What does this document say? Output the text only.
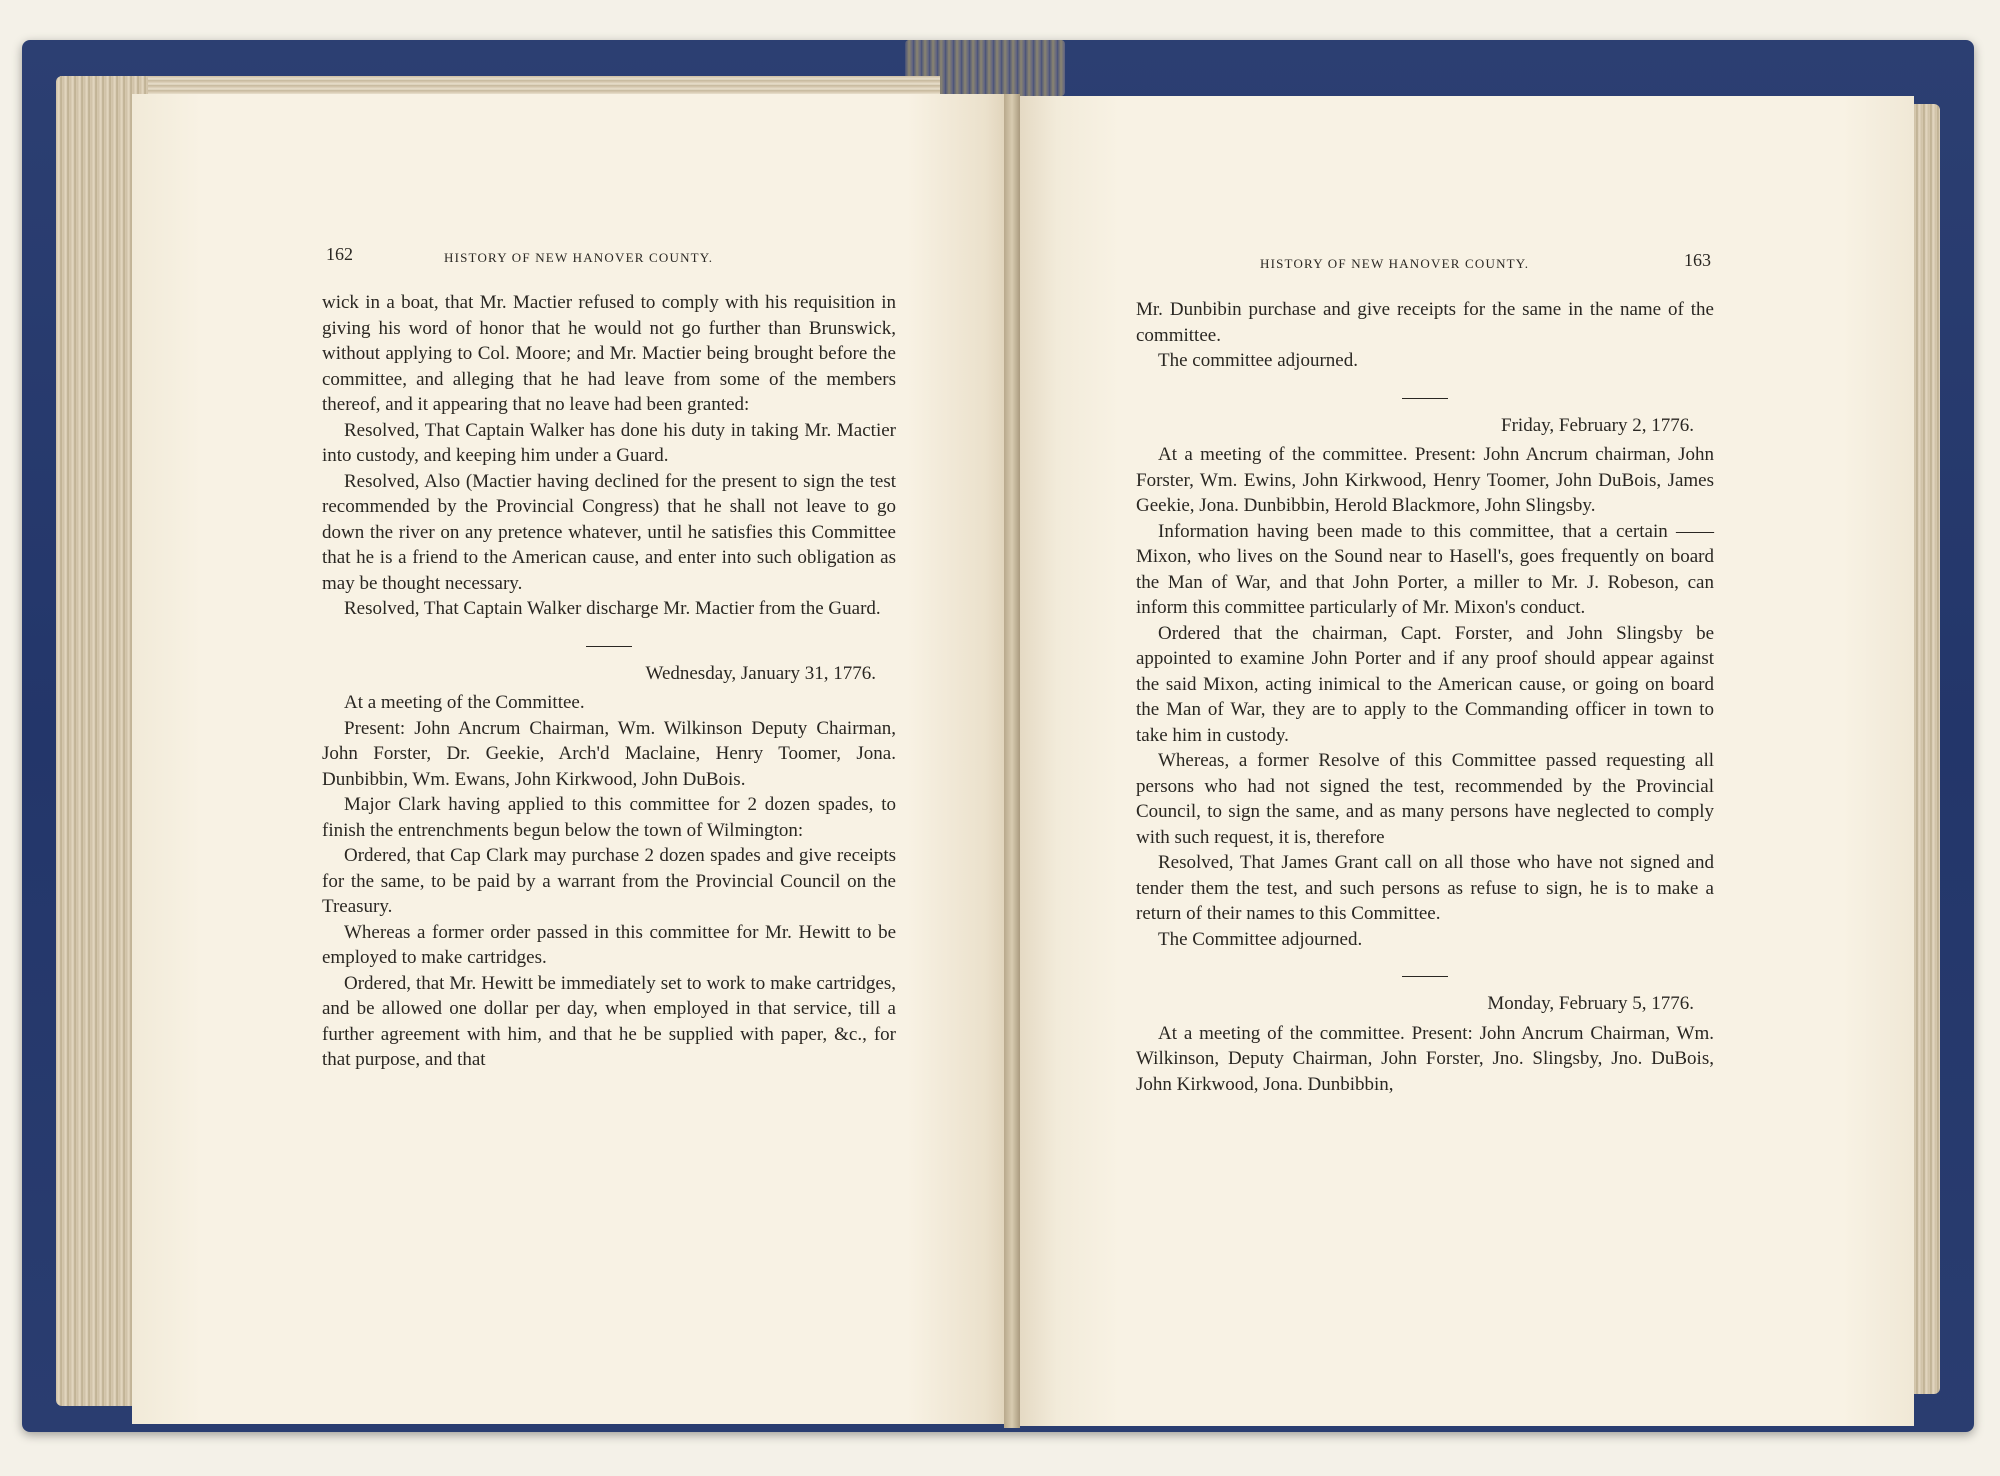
162	HISTORY OF NEW HANOVER COUNTY.

wick in a boat, that Mr. Mactier refused to comply with his requisition in giving his word of honor that he would not go further than Brunswick, without applying to Col. Moore; and Mr. Mactier being brought before the committee, and alleging that he had leave from some of the members thereof, and it appearing that no leave had been granted:

Resolved, That Captain Walker has done his duty in taking Mr. Mactier into custody, and keeping him under a Guard.

Resolved, Also (Mactier having declined for the present to sign the test recommended by the Provincial Congress) that he shall not leave to go down the river on any pretence whatever, until he satisfies this Committee that he is a friend to the American cause, and enter into such obligation as may be thought necessary.

Resolved, That Captain Walker discharge Mr. Mactier from the Guard.

Wednesday, January 31, 1776.

At a meeting of the Committee.

Present: John Ancrum Chairman, Wm. Wilkinson Deputy Chairman, John Forster, Dr. Geekie, Arch'd Maclaine, Henry Toomer, Jona. Dunbibbin, Wm. Ewans, John Kirkwood, John DuBois.

Major Clark having applied to this committee for 2 dozen spades, to finish the entrenchments begun below the town of Wilmington:

Ordered, that Cap Clark may purchase 2 dozen spades and give receipts for the same, to be paid by a warrant from the Provincial Council on the Treasury.

Whereas a former order passed in this committee for Mr. Hewitt to be employed to make cartridges.

Ordered, that Mr. Hewitt be immediately set to work to make cartridges, and be allowed one dollar per day, when employed in that service, till a further agreement with him, and that he be supplied with paper, &c., for that purpose, and that

HISTORY OF NEW HANOVER COUNTY.	163

Mr. Dunbibin purchase and give receipts for the same in the name of the committee.

The committee adjourned.

Friday, February 2, 1776.

At a meeting of the committee. Present: John Ancrum chairman, John Forster, Wm. Ewins, John Kirkwood, Henry Toomer, John DuBois, James Geekie, Jona. Dunbibbin, Herold Blackmore, John Slingsby.

Information having been made to this committee, that a certain —— Mixon, who lives on the Sound near to Hasell's, goes frequently on board the Man of War, and that John Porter, a miller to Mr. J. Robeson, can inform this committee particularly of Mr. Mixon's conduct.

Ordered that the chairman, Capt. Forster, and John Slingsby be appointed to examine John Porter and if any proof should appear against the said Mixon, acting inimical to the American cause, or going on board the Man of War, they are to apply to the Commanding officer in town to take him in custody.

Whereas, a former Resolve of this Committee passed requesting all persons who had not signed the test, recommended by the Provincial Council, to sign the same, and as many persons have neglected to comply with such request, it is, therefore

Resolved, That James Grant call on all those who have not signed and tender them the test, and such persons as refuse to sign, he is to make a return of their names to this Committee.

The Committee adjourned.

Monday, February 5, 1776.

At a meeting of the committee. Present: John Ancrum Chairman, Wm. Wilkinson, Deputy Chairman, John Forster, Jno. Slingsby, Jno. DuBois, John Kirkwood, Jona. Dunbibbin,
